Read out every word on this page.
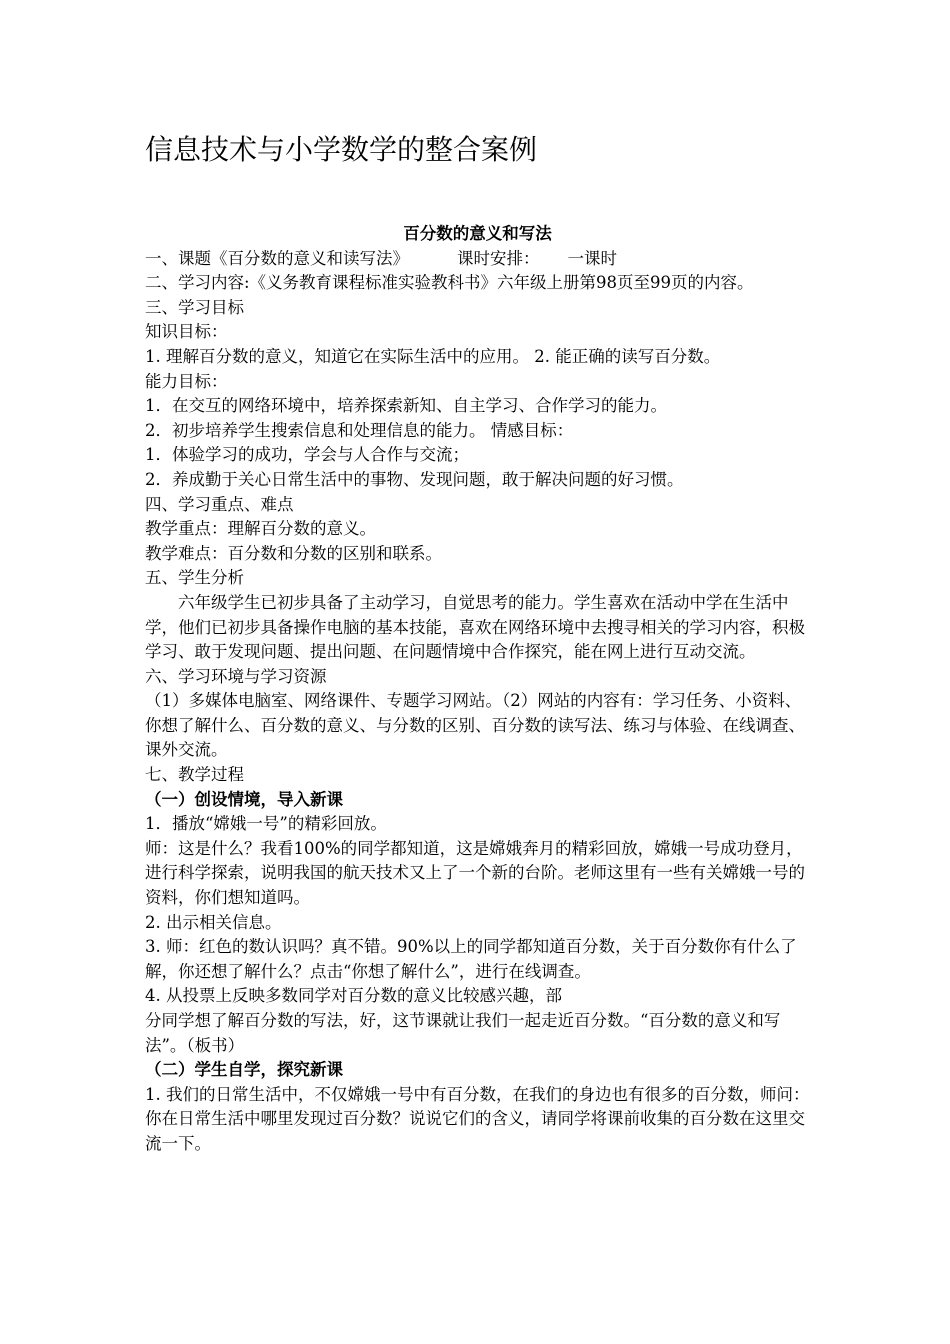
信息技术与小学数学的整合案例

百分数的意义和写法

一、课题《百分数的意义和读写法》	课时安排： 一课时

二、学习内容:《义务教育课程标准实验教科书》六年级上册第98页至99页的内容。

三、学习目标

知识目标：

1. 理解百分数的意义，知道它在实际生活中的应用。 2. 能正确的读写百分数。

能力目标：

1．在交互的网络环境中，培养探索新知、自主学习、合作学习的能力。

2．初步培养学生搜索信息和处理信息的能力。 情感目标：

1．体验学习的成功，学会与人合作与交流；

2．养成勤于关心日常生活中的事物、发现问题，敢于解决问题的好习惯。

四、学习重点、难点

教学重点：理解百分数的意义。

教学难点：百分数和分数的区别和联系。

五、学生分析

六年级学生已初步具备了主动学习，自觉思考的能力。学生喜欢在活动中学在生活中学，他们已初步具备操作电脑的基本技能，喜欢在网络环境中去搜寻相关的学习内容，积极学习、敢于发现问题、提出问题、在问题情境中合作探究，能在网上进行互动交流。

六、学习环境与学习资源

（1）多媒体电脑室、网络课件、专题学习网站。（2）网站的内容有：学习任务、小资料、你想了解什么、百分数的意义、与分数的区别、百分数的读写法、练习与体验、在线调查、课外交流。

七、教学过程

（一）创设情境，导入新课

1．播放“嫦娥一号”的精彩回放。

师：这是什么？我看100%的同学都知道，这是嫦娥奔月的精彩回放，嫦娥一号成功登月，进行科学探索，说明我国的航天技术又上了一个新的台阶。老师这里有一些有关嫦娥一号的资料，你们想知道吗。

2. 出示相关信息。

3. 师：红色的数认识吗？真不错。90%以上的同学都知道百分数，关于百分数你有什么了解，你还想了解什么？点击“你想了解什么”，进行在线调查。

4. 从投票上反映多数同学对百分数的意义比较感兴趣，部

分同学想了解百分数的写法，好，这节课就让我们一起走近百分数。“百分数的意义和写法”。（板书）

（二）学生自学，探究新课

1. 我们的日常生活中，不仅嫦娥一号中有百分数，在我们的身边也有很多的百分数，师问：你在日常生活中哪里发现过百分数？说说它们的含义，请同学将课前收集的百分数在这里交流一下。
